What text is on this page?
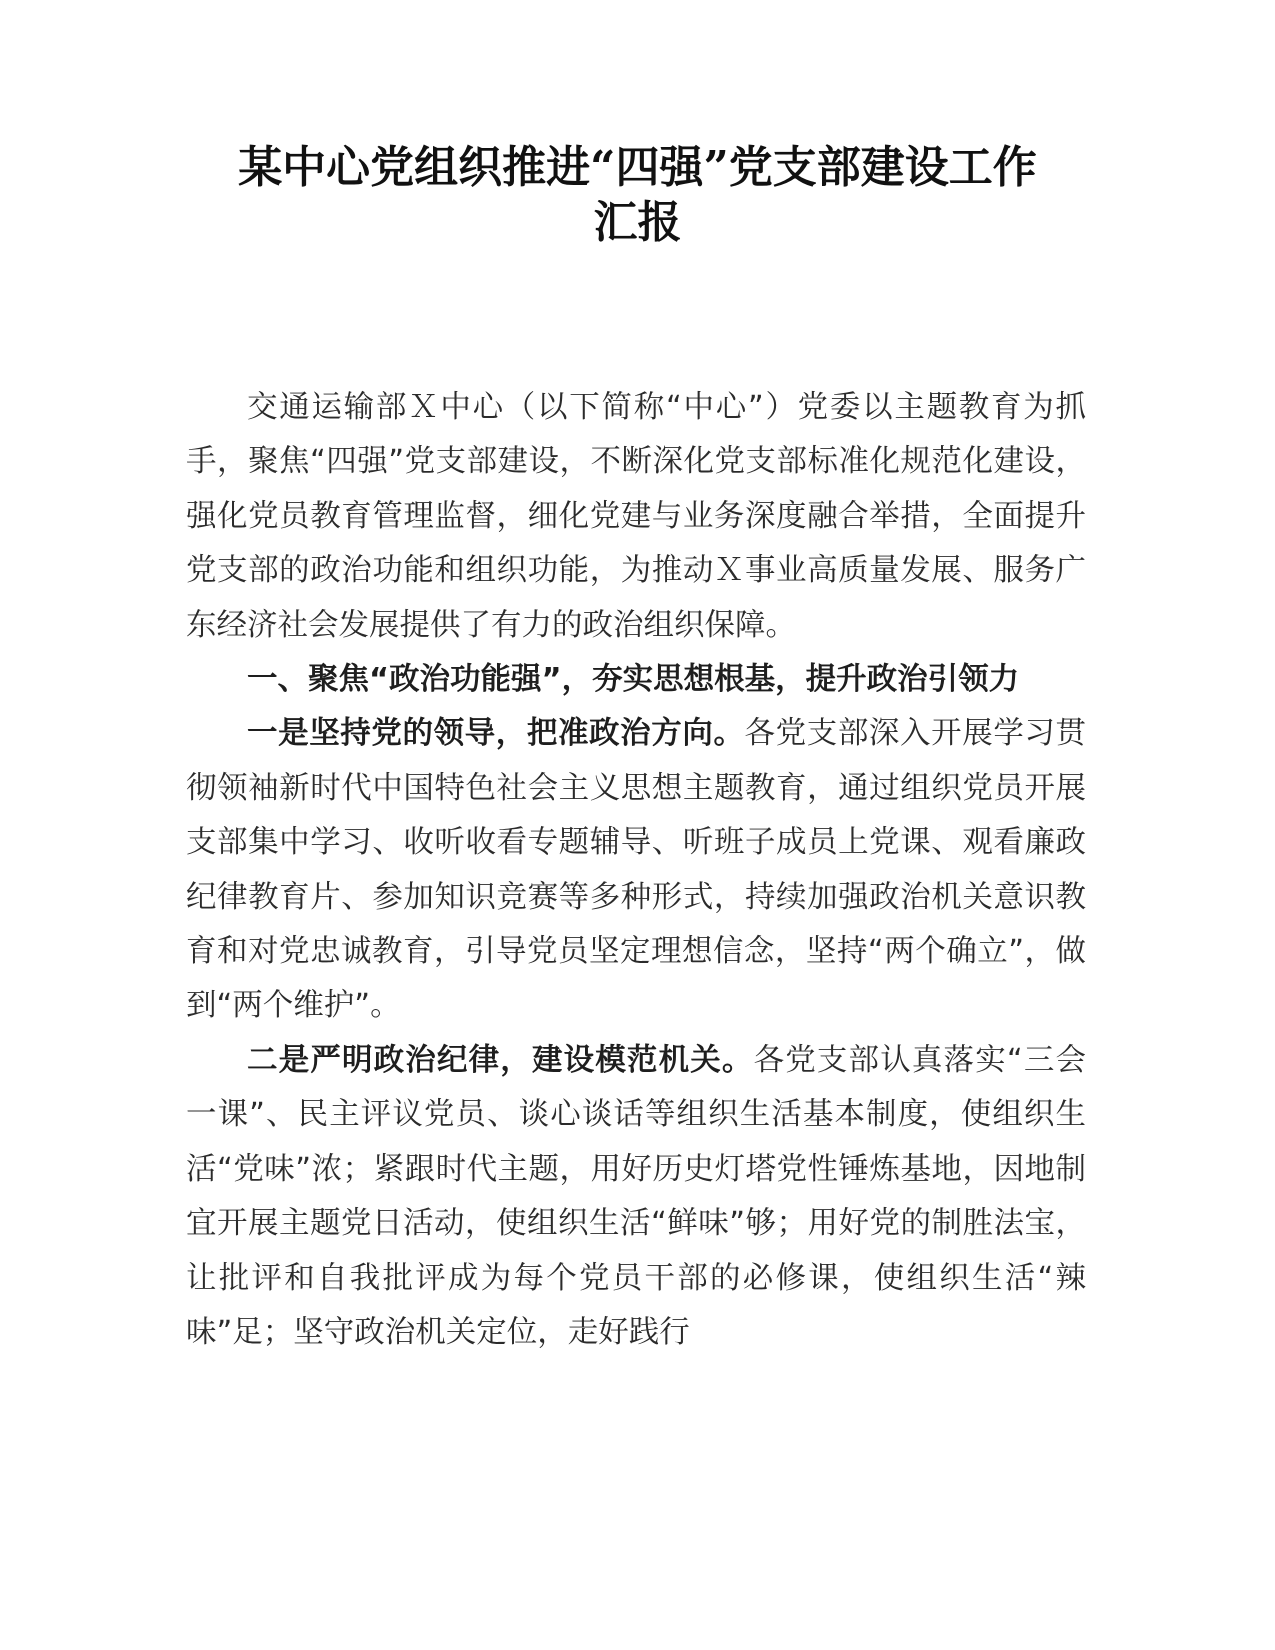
某中心党组织推进“四强”党支部建设工作
汇报

交通运输部Ｘ中心（以下简称“中心”）党委以主题教育为抓手，聚焦“四强”党支部建设，不断深化党支部标准化规范化建设，强化党员教育管理监督，细化党建与业务深度融合举措，全面提升党支部的政治功能和组织功能，为推动Ｘ事业高质量发展、服务广东经济社会发展提供了有力的政治组织保障。

一、聚焦“政治功能强”，夯实思想根基，提升政治引领力

一是坚持党的领导，把准政治方向。各党支部深入开展学习贯彻领袖新时代中国特色社会主义思想主题教育，通过组织党员开展支部集中学习、收听收看专题辅导、听班子成员上党课、观看廉政纪律教育片、参加知识竞赛等多种形式，持续加强政治机关意识教育和对党忠诚教育，引导党员坚定理想信念，坚持“两个确立”，做到“两个维护”。

二是严明政治纪律，建设模范机关。各党支部认真落实“三会一课”、民主评议党员、谈心谈话等组织生活基本制度，使组织生活“党味”浓；紧跟时代主题，用好历史灯塔党性锤炼基地，因地制宜开展主题党日活动，使组织生活“鲜味”够；用好党的制胜法宝，让批评和自我批评成为每个党员干部的必修课，使组织生活“辣味”足；坚守政治机关定位，走好践行
